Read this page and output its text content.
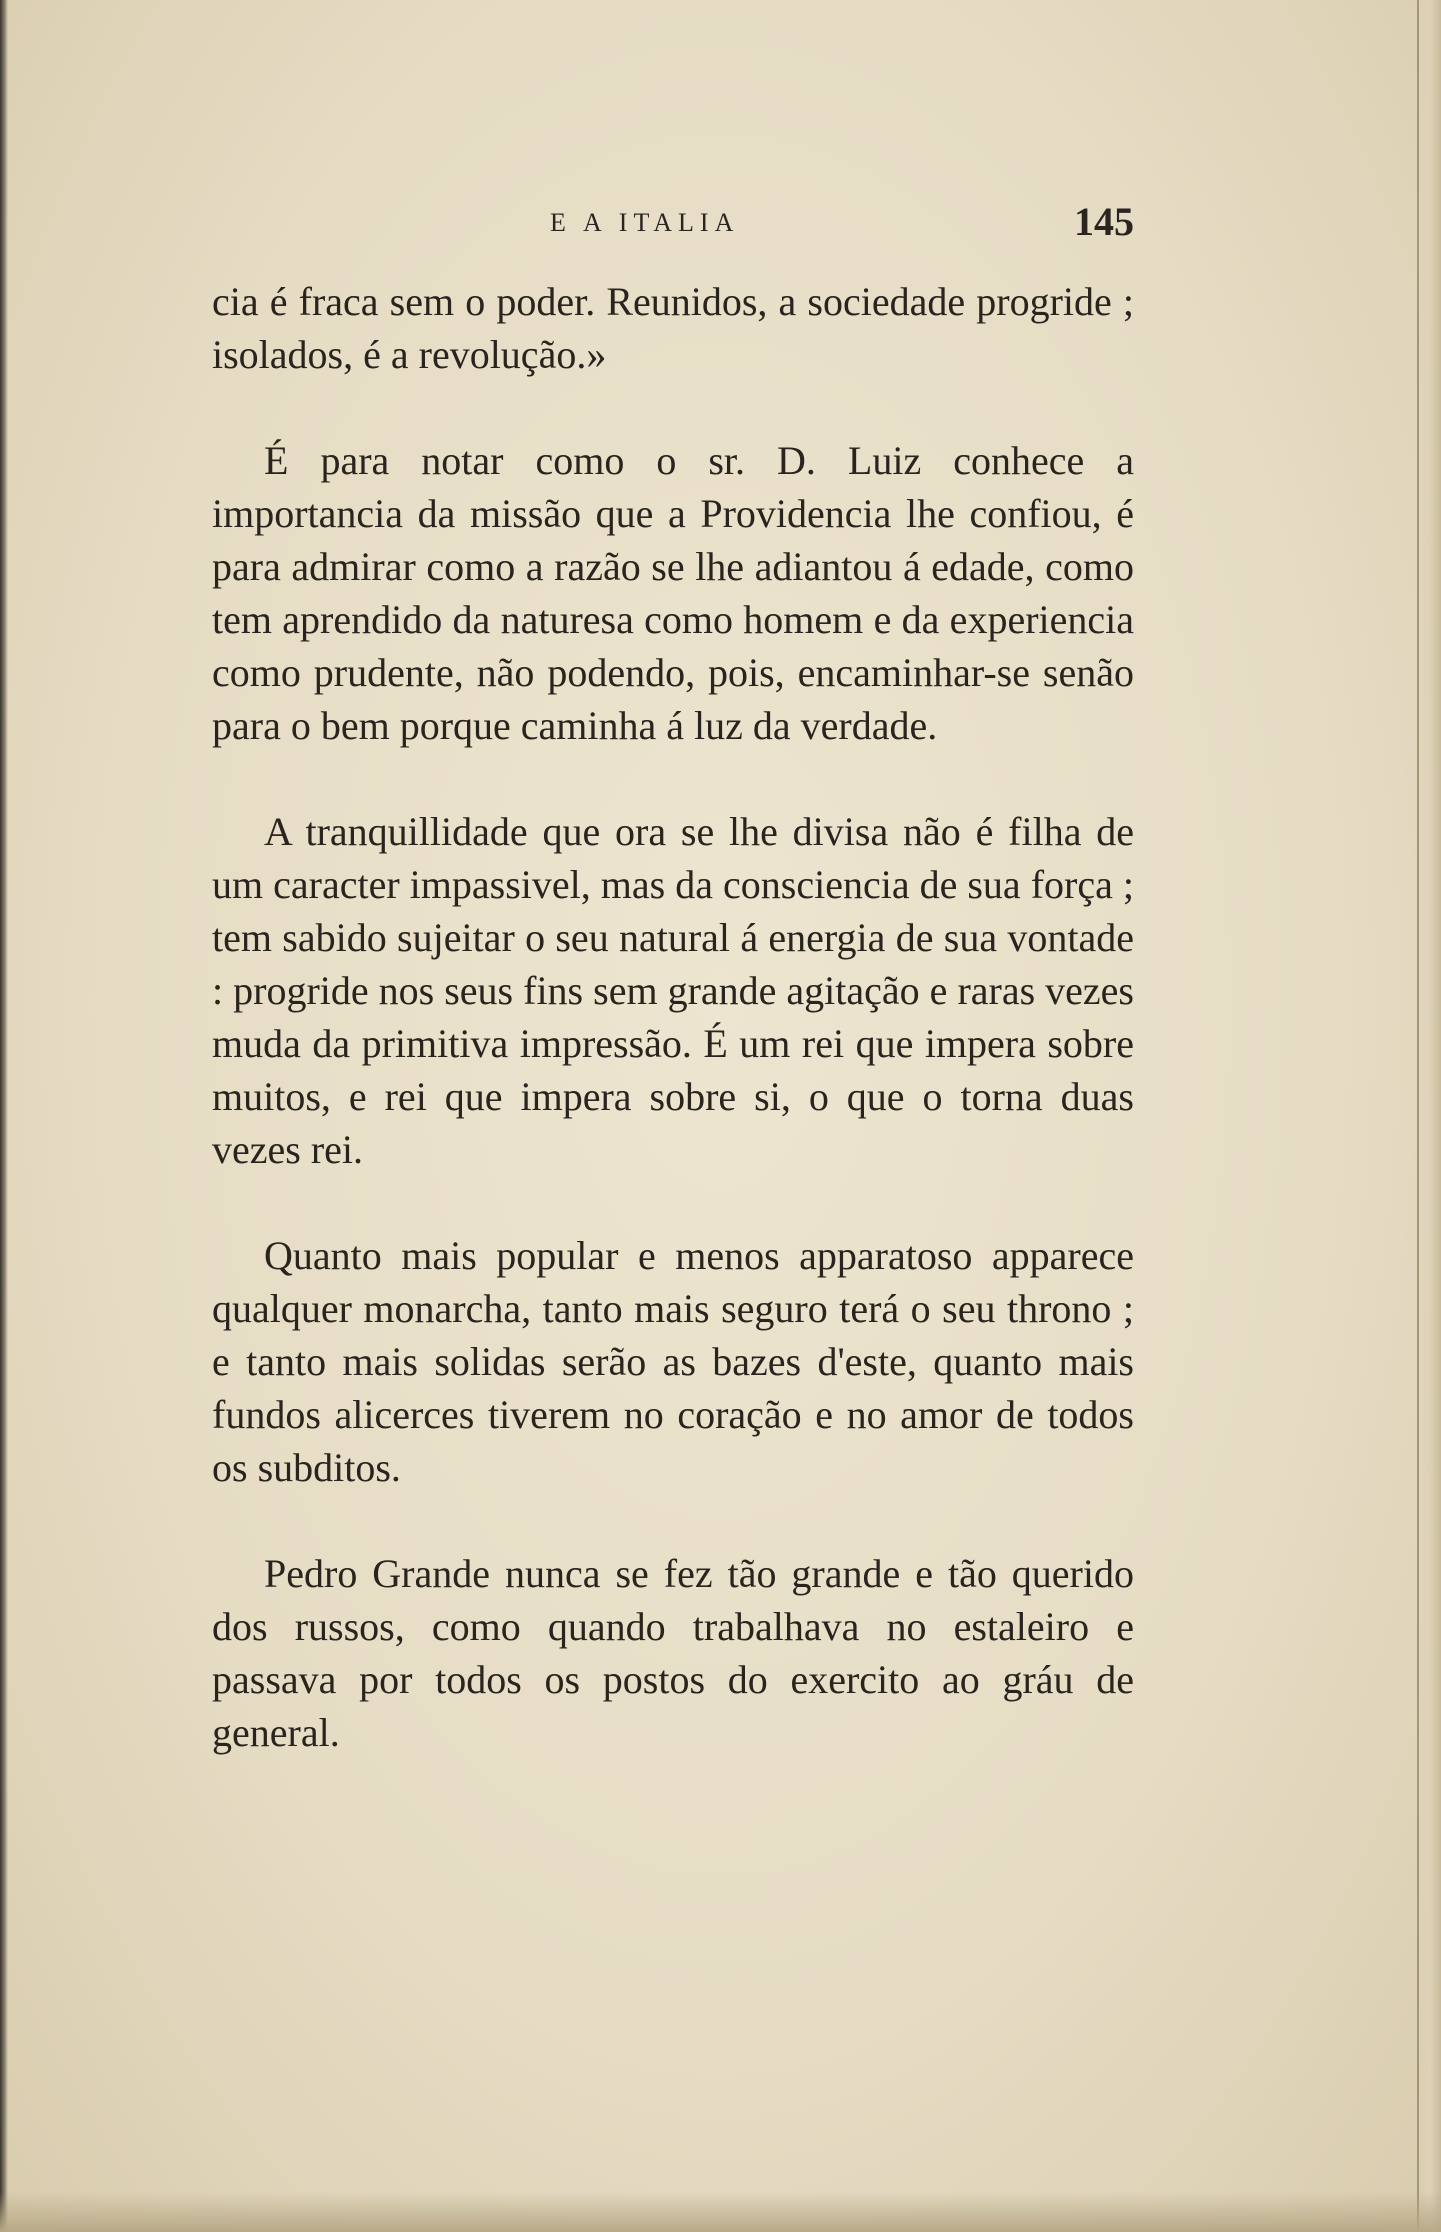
E A ITALIA	145

cia é fraca sem o poder. Reunidos, a sociedade progride ; isolados, é a revolução.»

É para notar como o sr. D. Luiz conhece a importancia da missão que a Providencia lhe confiou, é para admirar como a razão se lhe adiantou á edade, como tem aprendido da naturesa como homem e da experiencia como prudente, não podendo, pois, encaminhar-se senão para o bem porque caminha á luz da verdade.

A tranquillidade que ora se lhe divisa não é filha de um caracter impassivel, mas da consciencia de sua força ; tem sabido sujeitar o seu natural á energia de sua vontade : progride nos seus fins sem grande agitação e raras vezes muda da primitiva impressão. É um rei que impera sobre muitos, e rei que impera sobre si, o que o torna duas vezes rei.

Quanto mais popular e menos apparatoso apparece qualquer monarcha, tanto mais seguro terá o seu throno ; e tanto mais solidas serão as bazes d'este, quanto mais fundos alicerces tiverem no coração e no amor de todos os subditos.

Pedro Grande nunca se fez tão grande e tão querido dos russos, como quando trabalhava no estaleiro e passava por todos os postos do exercito ao gráu de general.
